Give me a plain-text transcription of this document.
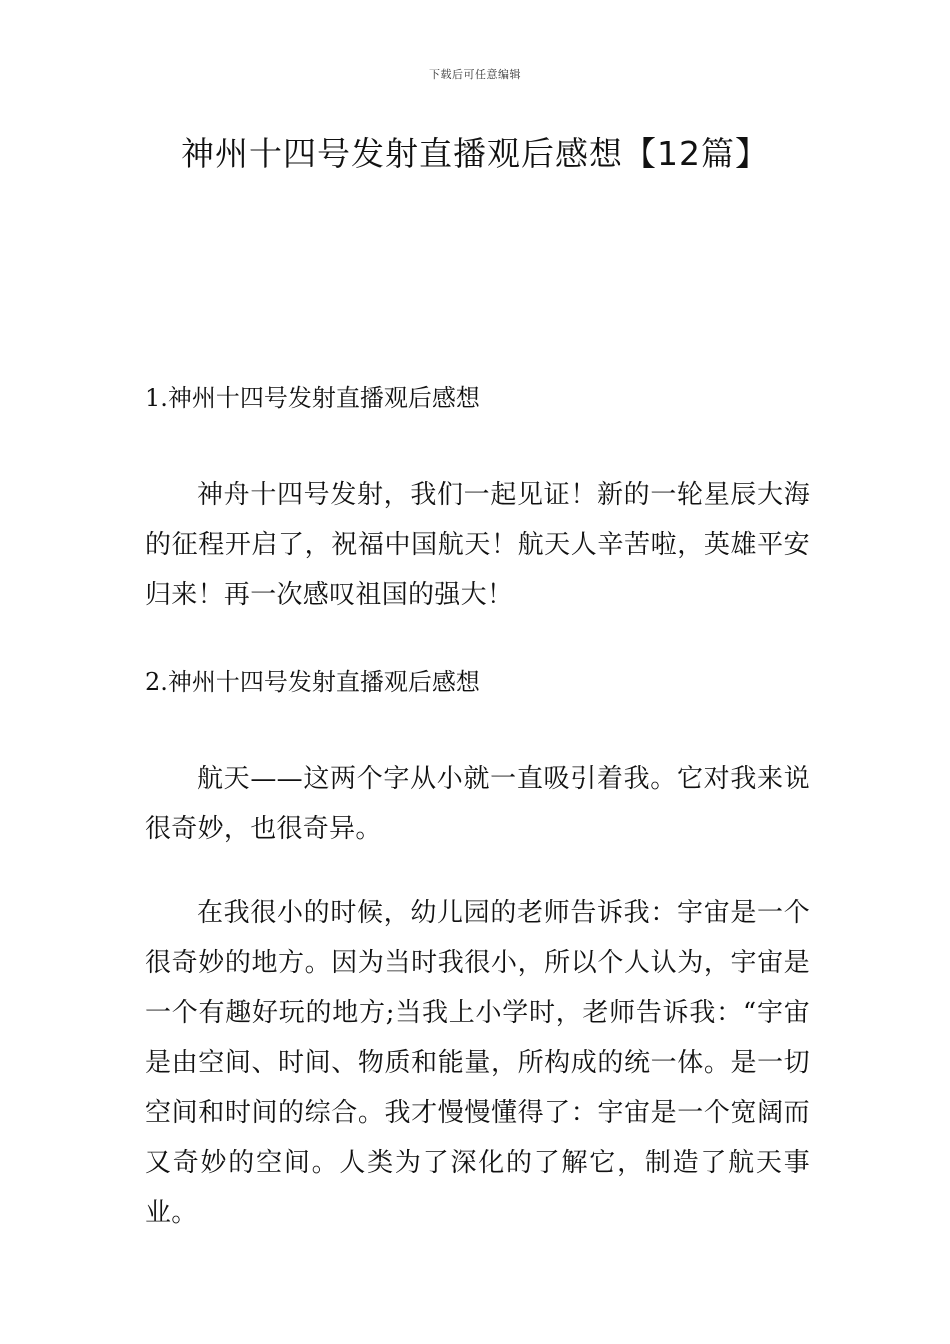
下载后可任意编辑
神州十四号发射直播观后感想【12篇】

1.神州十四号发射直播观后感想

神舟十四号发射，我们一起见证！新的一轮星辰大海的征程开启了，祝福中国航天！航天人辛苦啦，英雄平安归来！再一次感叹祖国的强大！

2.神州十四号发射直播观后感想

航天——这两个字从小就一直吸引着我。它对我来说很奇妙，也很奇异。

在我很小的时候，幼儿园的老师告诉我：宇宙是一个很奇妙的地方。因为当时我很小，所以个人认为，宇宙是一个有趣好玩的地方;当我上小学时，老师告诉我：“宇宙是由空间、时间、物质和能量，所构成的统一体。是一切空间和时间的综合。我才慢慢懂得了：宇宙是一个宽阔而又奇妙的空间。人类为了深化的了解它，制造了航天事业。
